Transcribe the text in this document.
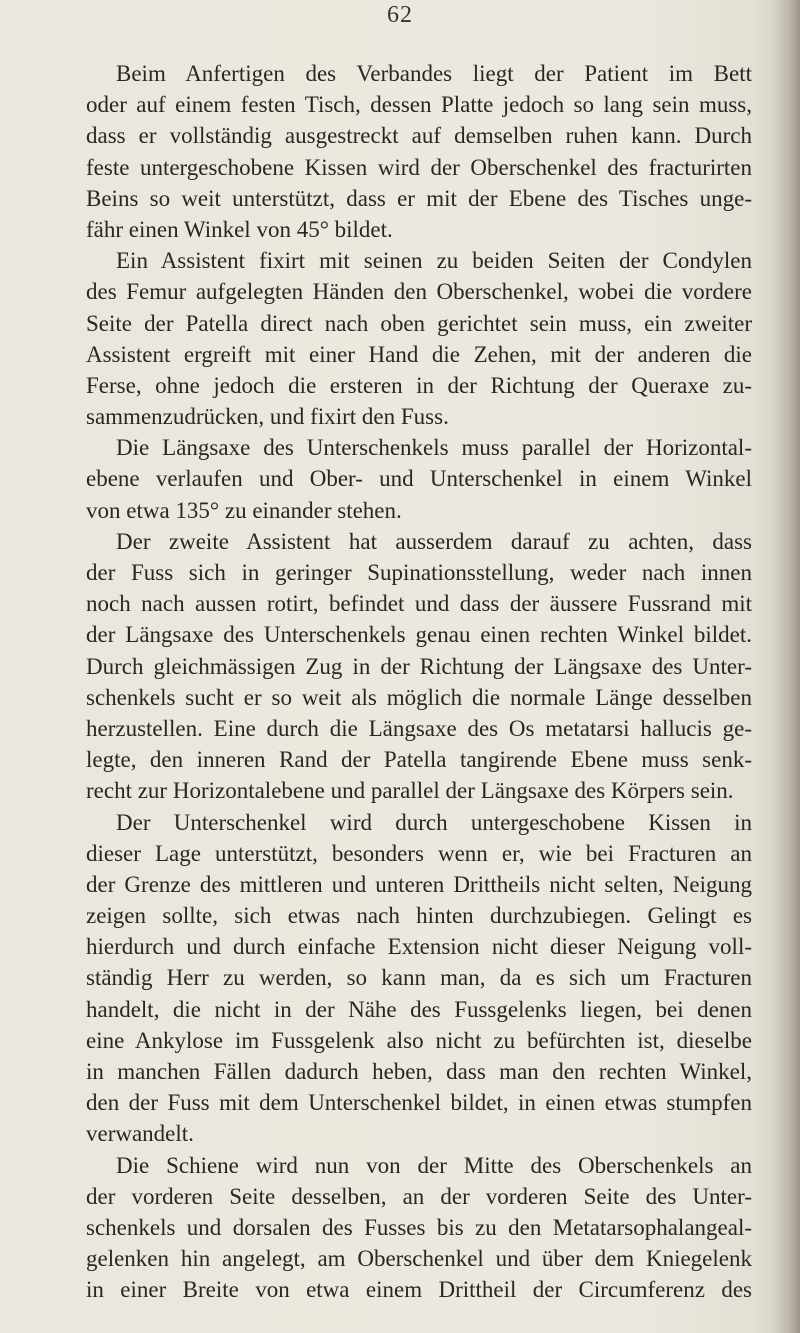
62
Beim Anfertigen des Verbandes liegt der Patient im Bett
oder auf einem festen Tisch, dessen Platte jedoch so lang sein muss,
dass er vollständig ausgestreckt auf demselben ruhen kann. Durch
feste untergeschobene Kissen wird der Oberschenkel des fracturirten
Beins so weit unterstützt, dass er mit der Ebene des Tisches unge-
fähr einen Winkel von 45° bildet.
Ein Assistent fixirt mit seinen zu beiden Seiten der Condylen
des Femur aufgelegten Händen den Oberschenkel, wobei die vordere
Seite der Patella direct nach oben gerichtet sein muss, ein zweiter
Assistent ergreift mit einer Hand die Zehen, mit der anderen die
Ferse, ohne jedoch die ersteren in der Richtung der Queraxe zu-
sammenzudrücken, und fixirt den Fuss.
Die Längsaxe des Unterschenkels muss parallel der Horizontal-
ebene verlaufen und Ober- und Unterschenkel in einem Winkel
von etwa 135° zu einander stehen.
Der zweite Assistent hat ausserdem darauf zu achten, dass
der Fuss sich in geringer Supinationsstellung, weder nach innen
noch nach aussen rotirt, befindet und dass der äussere Fussrand mit
der Längsaxe des Unterschenkels genau einen rechten Winkel bildet.
Durch gleichmässigen Zug in der Richtung der Längsaxe des Unter-
schenkels sucht er so weit als möglich die normale Länge desselben
herzustellen. Eine durch die Längsaxe des Os metatarsi hallucis ge-
legte, den inneren Rand der Patella tangirende Ebene muss senk-
recht zur Horizontalebene und parallel der Längsaxe des Körpers sein.
Der Unterschenkel wird durch untergeschobene Kissen in
dieser Lage unterstützt, besonders wenn er, wie bei Fracturen an
der Grenze des mittleren und unteren Drittheils nicht selten, Neigung
zeigen sollte, sich etwas nach hinten durchzubiegen. Gelingt es
hierdurch und durch einfache Extension nicht dieser Neigung voll-
ständig Herr zu werden, so kann man, da es sich um Fracturen
handelt, die nicht in der Nähe des Fussgelenks liegen, bei denen
eine Ankylose im Fussgelenk also nicht zu befürchten ist, dieselbe
in manchen Fällen dadurch heben, dass man den rechten Winkel,
den der Fuss mit dem Unterschenkel bildet, in einen etwas stumpfen
verwandelt.
Die Schiene wird nun von der Mitte des Oberschenkels an
der vorderen Seite desselben, an der vorderen Seite des Unter-
schenkels und dorsalen des Fusses bis zu den Metatarsophalangeal-
gelenken hin angelegt, am Oberschenkel und über dem Kniegelenk
in einer Breite von etwa einem Drittheil der Circumferenz des
